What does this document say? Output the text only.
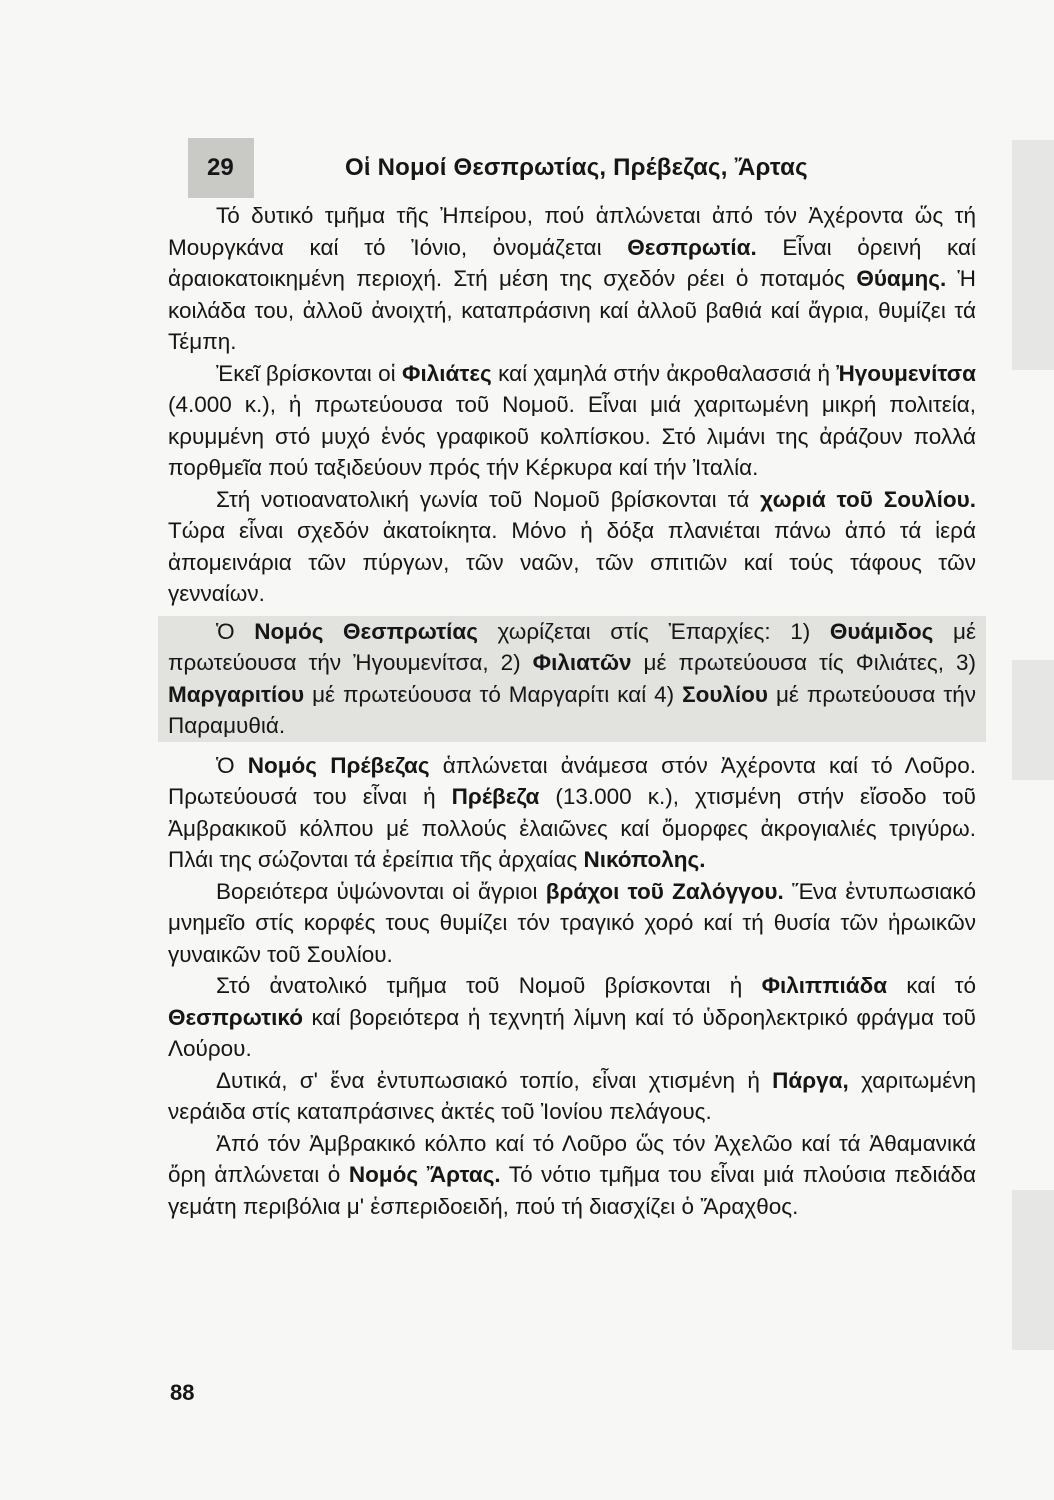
29	Οἱ Νομοί Θεσπρωτίας, Πρέβεζας, Ἄρτας

Τό δυτικό τμῆμα τῆς Ἠπείρου, πού ἁπλώνεται ἀπό τόν Ἀχέροντα ὥς τή Μουργκάνα καί τό Ἰόνιο, ὀνομάζεται Θεσπρωτία. Εἶναι ὀρεινή καί ἀραιοκατοικημένη περιοχή. Στή μέση της σχεδόν ρέει ὁ ποταμός Θύαμης. Ἡ κοιλάδα του, ἀλλοῦ ἀνοιχτή, καταπράσινη καί ἀλλοῦ βαθιά καί ἄγρια, θυμίζει τά Τέμπη.

Ἐκεῖ βρίσκονται οἱ Φιλιάτες καί χαμηλά στήν ἀκροθαλασσιά ἡ Ἠγουμενίτσα (4.000 κ.), ἡ πρωτεύουσα τοῦ Νομοῦ. Εἶναι μιά χαριτωμένη μικρή πολιτεία, κρυμμένη στό μυχό ἑνός γραφικοῦ κολπίσκου. Στό λιμάνι της ἀράζουν πολλά πορθμεῖα πού ταξιδεύουν πρός τήν Κέρκυρα καί τήν Ἰταλία.

Στή νοτιοανατολική γωνία τοῦ Νομοῦ βρίσκονται τά χωριά τοῦ Σουλίου. Τώρα εἶναι σχεδόν ἀκατοίκητα. Μόνο ἡ δόξα πλανιέται πάνω ἀπό τά ἱερά ἀπομεινάρια τῶν πύργων, τῶν ναῶν, τῶν σπιτιῶν καί τούς τάφους τῶν γενναίων.

Ὁ Νομός Θεσπρωτίας χωρίζεται στίς Ἐπαρχίες: 1) Θυάμιδος μέ πρωτεύουσα τήν Ἠγουμενίτσα, 2) Φιλιατῶν μέ πρωτεύουσα τίς Φιλιάτες, 3) Μαργαριτίου μέ πρωτεύουσα τό Μαργαρίτι καί 4) Σουλίου μέ πρωτεύουσα τήν Παραμυθιά.

Ὁ Νομός Πρέβεζας ἁπλώνεται ἀνάμεσα στόν Ἀχέροντα καί τό Λοῦρο. Πρωτεύουσά του εἶναι ἡ Πρέβεζα (13.000 κ.), χτισμένη στήν εἴσοδο τοῦ Ἀμβρακικοῦ κόλπου μέ πολλούς ἐλαιῶνες καί ὄμορφες ἀκρογιαλιές τριγύρω. Πλάι της σώζονται τά ἐρείπια τῆς ἀρχαίας Νικόπολης.

Βορειότερα ὑψώνονται οἱ ἄγριοι βράχοι τοῦ Ζαλόγγου. Ἕνα ἐντυπωσιακό μνημεῖο στίς κορφές τους θυμίζει τόν τραγικό χορό καί τή θυσία τῶν ἡρωικῶν γυναικῶν τοῦ Σουλίου.

Στό ἀνατολικό τμῆμα τοῦ Νομοῦ βρίσκονται ἡ Φιλιππιάδα καί τό Θεσπρωτικό καί βορειότερα ἡ τεχνητή λίμνη καί τό ὑδροηλεκτρικό φράγμα τοῦ Λούρου.

Δυτικά, σ' ἕνα ἐντυπωσιακό τοπίο, εἶναι χτισμένη ἡ Πάργα, χαριτωμένη νεράιδα στίς καταπράσινες ἀκτές τοῦ Ἰονίου πελάγους.

Ἀπό τόν Ἀμβρακικό κόλπο καί τό Λοῦρο ὥς τόν Ἀχελῶο καί τά Ἀθαμανικά ὄρη ἁπλώνεται ὁ Νομός Ἄρτας. Τό νότιο τμῆμα του εἶναι μιά πλούσια πεδιάδα γεμάτη περιβόλια μ' ἑσπεριδοειδή, πού τή διασχίζει ὁ Ἄραχθος.

88
